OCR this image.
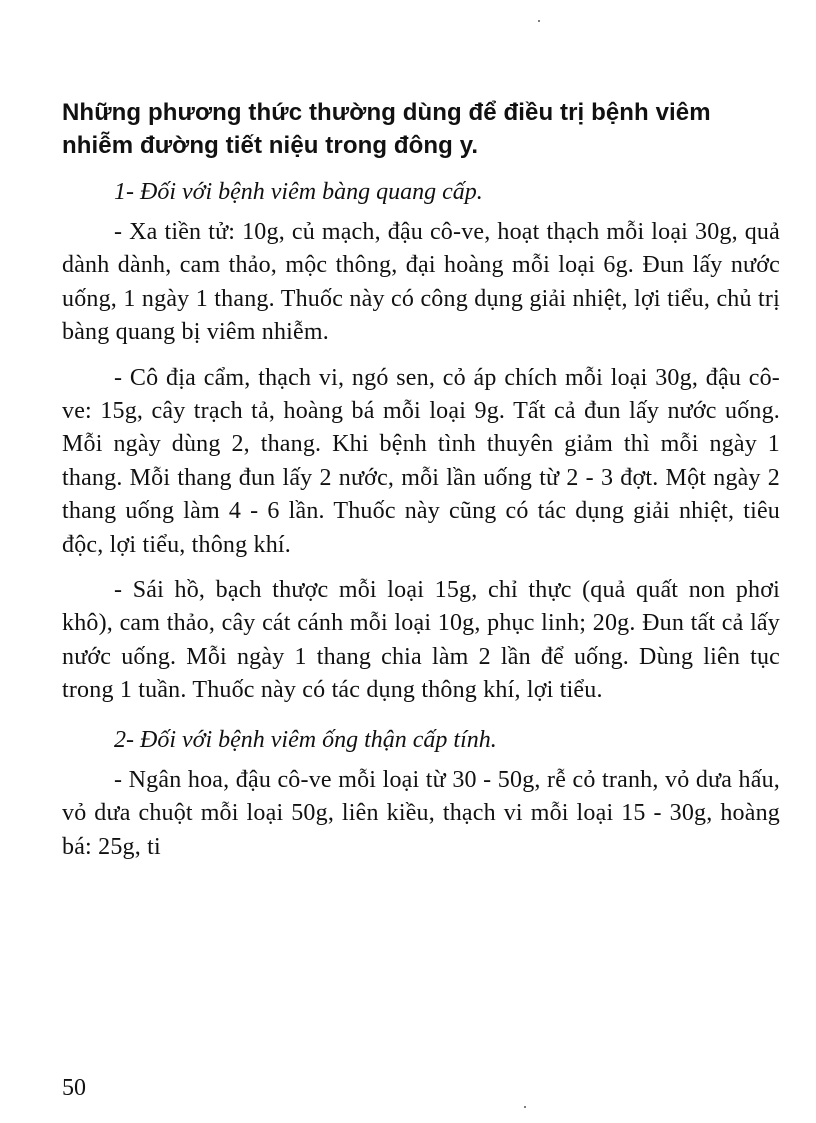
Những phương thức thường dùng để điều trị bệnh viêm nhiễm đường tiết niệu trong đông y.
1- Đối với bệnh viêm bàng quang cấp.

- Xa tiền tử: 10g, củ mạch, đậu cô-ve, hoạt thạch mỗi loại 30g, quả dành dành, cam thảo, mộc thông, đại hoàng mỗi loại 6g. Đun lấy nước uống, 1 ngày 1 thang. Thuốc này có công dụng giải nhiệt, lợi tiểu, chủ trị bàng quang bị viêm nhiễm.

- Cô địa cẩm, thạch vi, ngó sen, cỏ áp chích mỗi loại 30g, đậu cô-ve: 15g, cây trạch tả, hoàng bá mỗi loại 9g. Tất cả đun lấy nước uống. Mỗi ngày dùng 2, thang. Khi bệnh tình thuyên giảm thì mỗi ngày 1 thang. Mỗi thang đun lấy 2 nước, mỗi lần uống từ 2 - 3 đợt. Một ngày 2 thang uống làm 4 - 6 lần. Thuốc này cũng có tác dụng giải nhiệt, tiêu độc, lợi tiểu, thông khí.

- Sái hồ, bạch thược mỗi loại 15g, chỉ thực (quả quất non phơi khô), cam thảo, cây cát cánh mỗi loại 10g, phục linh; 20g. Đun tất cả lấy nước uống. Mỗi ngày 1 thang chia làm 2 lần để uống. Dùng liên tục trong 1 tuần. Thuốc này có tác dụng thông khí, lợi tiểu.

2- Đối với bệnh viêm ống thận cấp tính.

- Ngân hoa, đậu cô-ve mỗi loại từ 30 - 50g, rễ cỏ tranh, vỏ dưa hấu, vỏ dưa chuột mỗi loại 50g, liên kiều, thạch vi mỗi loại 15 - 30g, hoàng bá: 25g, ti

50
